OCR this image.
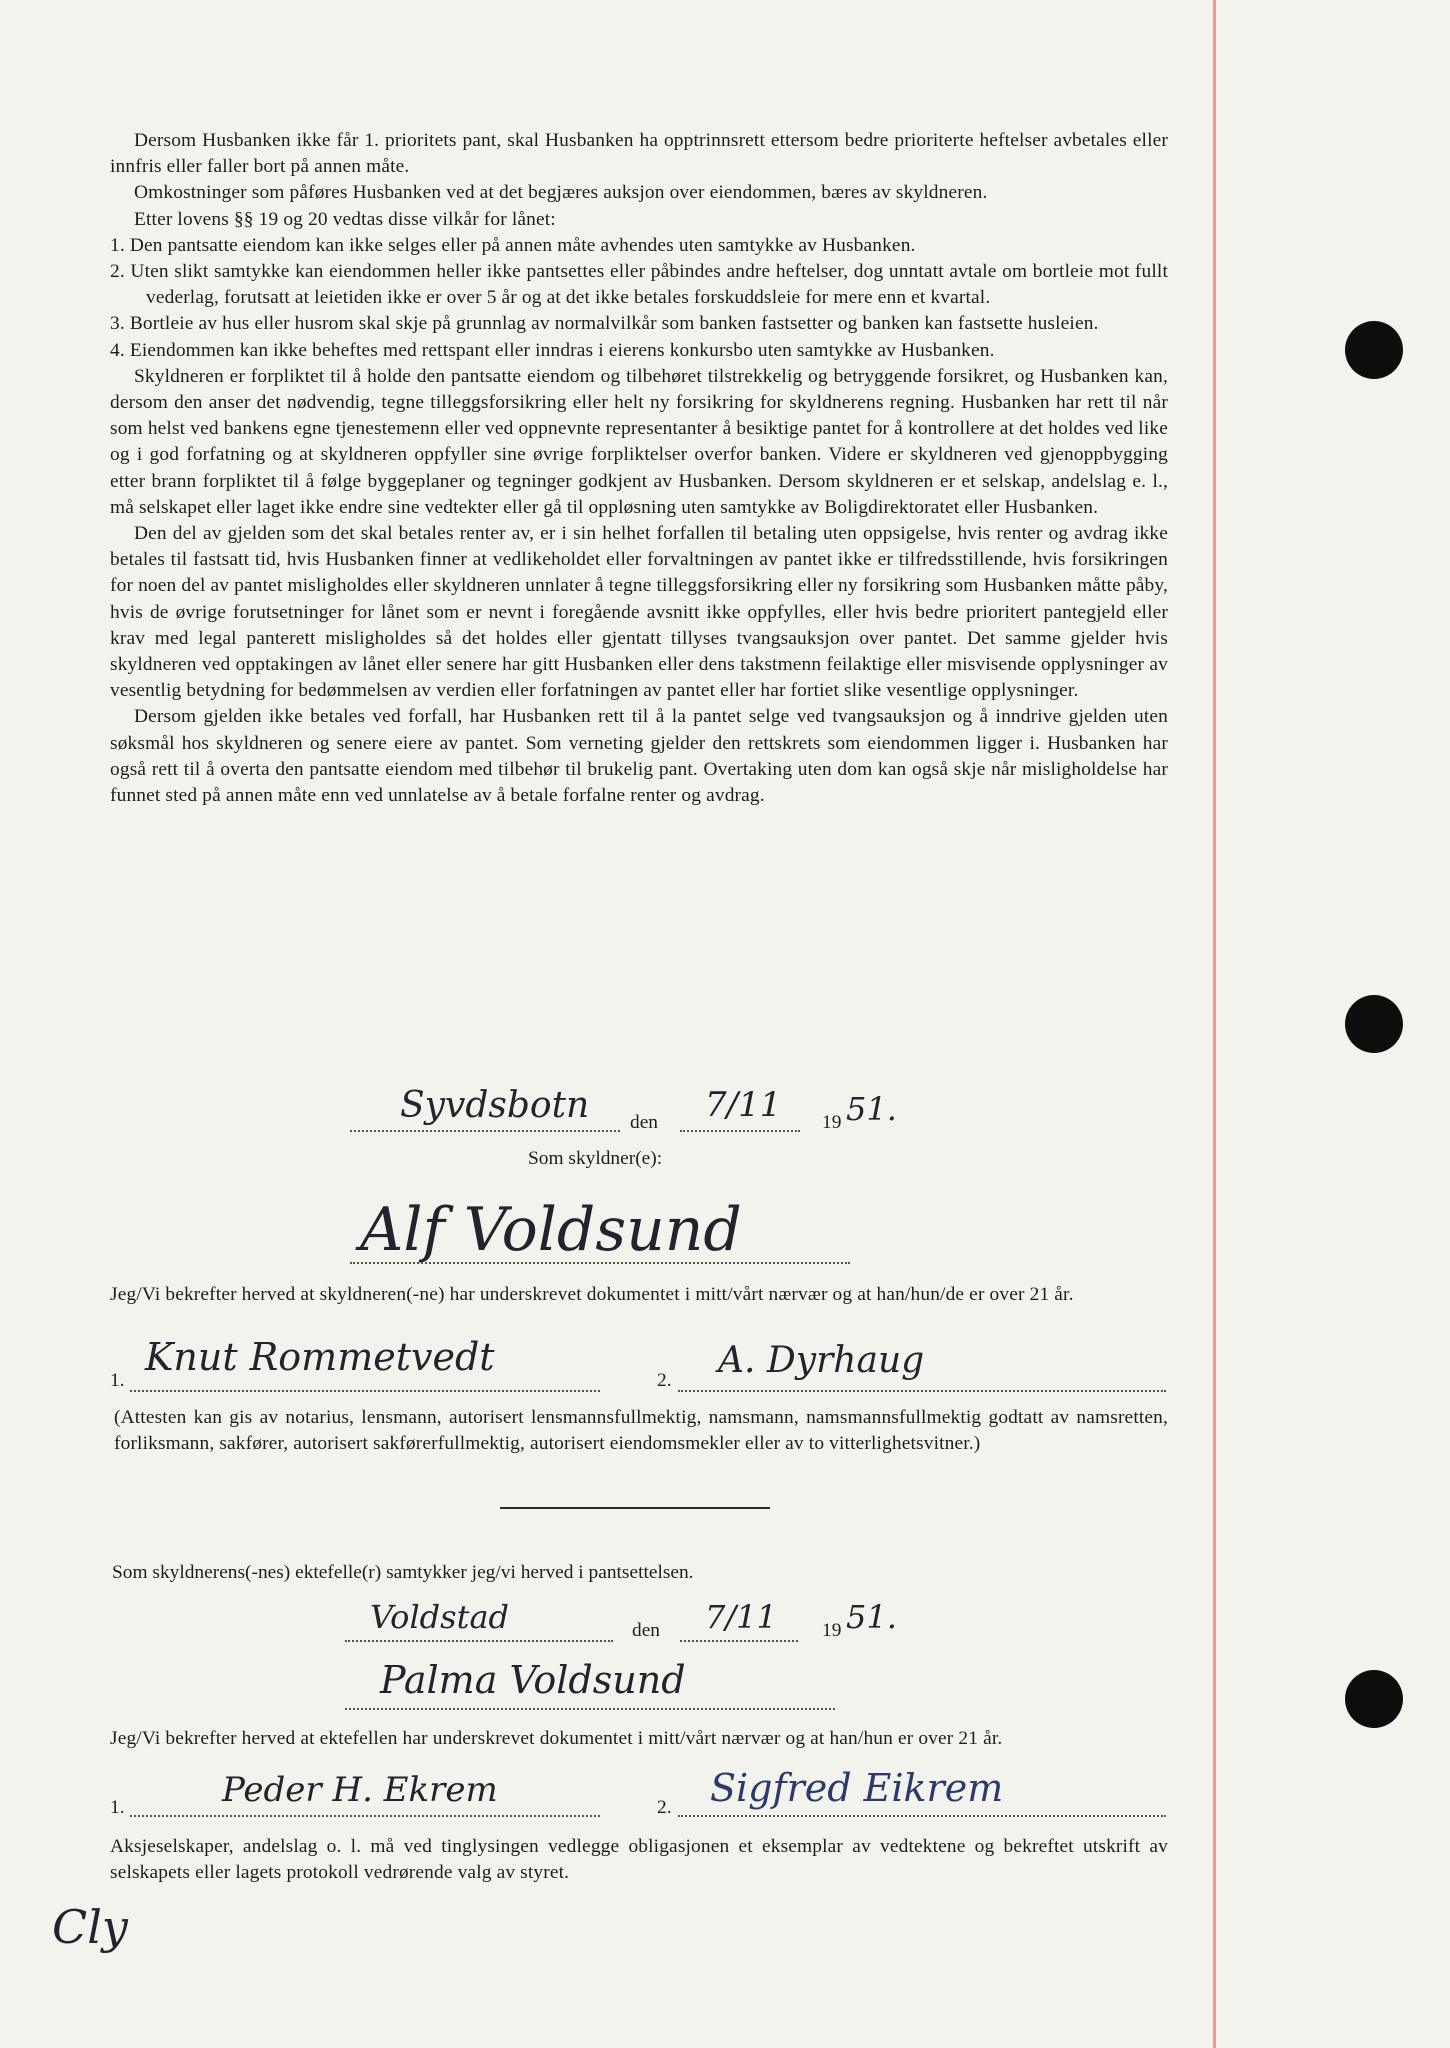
Dersom Husbanken ikke får 1. prioritets pant, skal Husbanken ha opptrinnsrett ettersom bedre prioriterte heftelser avbetales eller innfris eller faller bort på annen måte.

Omkostninger som påføres Husbanken ved at det begjæres auksjon over eiendommen, bæres av skyldneren.

Etter lovens §§ 19 og 20 vedtas disse vilkår for lånet:

1. Den pantsatte eiendom kan ikke selges eller på annen måte avhendes uten samtykke av Husbanken.

2. Uten slikt samtykke kan eiendommen heller ikke pantsettes eller påbindes andre heftelser, dog unntatt avtale om bortleie mot fullt vederlag, forutsatt at leietiden ikke er over 5 år og at det ikke betales forskuddsleie for mere enn et kvartal.

3. Bortleie av hus eller husrom skal skje på grunnlag av normalvilkår som banken fastsetter og banken kan fastsette husleien.

4. Eiendommen kan ikke beheftes med rettspant eller inndras i eierens konkursbo uten samtykke av Husbanken.

Skyldneren er forpliktet til å holde den pantsatte eiendom og tilbehøret tilstrekkelig og betryggende forsikret, og Husbanken kan, dersom den anser det nødvendig, tegne tilleggsforsikring eller helt ny forsikring for skyldnerens regning. Husbanken har rett til når som helst ved bankens egne tjenestemenn eller ved oppnevnte representanter å besiktige pantet for å kontrollere at det holdes ved like og i god forfatning og at skyldneren oppfyller sine øvrige forpliktelser overfor banken. Videre er skyldneren ved gjenoppbygging etter brann forpliktet til å følge byggeplaner og tegninger godkjent av Husbanken. Dersom skyldneren er et selskap, andelslag e. l., må selskapet eller laget ikke endre sine vedtekter eller gå til oppløsning uten samtykke av Boligdirektoratet eller Husbanken.

Den del av gjelden som det skal betales renter av, er i sin helhet forfallen til betaling uten oppsigelse, hvis renter og avdrag ikke betales til fastsatt tid, hvis Husbanken finner at vedlikeholdet eller forvaltningen av pantet ikke er tilfredsstillende, hvis forsikringen for noen del av pantet misligholdes eller skyldneren unnlater å tegne tilleggsforsikring eller ny forsikring som Husbanken måtte påby, hvis de øvrige forutsetninger for lånet som er nevnt i foregående avsnitt ikke oppfylles, eller hvis bedre prioritert pantegjeld eller krav med legal panterett misligholdes så det holdes eller gjentatt tillyses tvangsauksjon over pantet. Det samme gjelder hvis skyldneren ved opptakingen av lånet eller senere har gitt Husbanken eller dens takstmenn feilaktige eller misvisende opplysninger av vesentlig betydning for bedømmelsen av verdien eller forfatningen av pantet eller har fortiet slike vesentlige opplysninger.

Dersom gjelden ikke betales ved forfall, har Husbanken rett til å la pantet selge ved tvangsauksjon og å inndrive gjelden uten søksmål hos skyldneren og senere eiere av pantet. Som verneting gjelder den rettskrets som eiendommen ligger i. Husbanken har også rett til å overta den pantsatte eiendom med tilbehør til brukelig pant. Overtaking uten dom kan også skje når misligholdelse har funnet sted på annen måte enn ved unnlatelse av å betale forfalne renter og avdrag.

Syvdsbotn den 7/11 19 51.
Som skyldner(e):
Alf Voldsund
Jeg/Vi bekrefter herved at skyldneren(-ne) har underskrevet dokumentet i mitt/vårt nærvær og at han/hun/de er over 21 år.
1.
Knut Rommetvedt
2. A. Dyrhaug
(Attesten kan gis av notarius, lensmann, autorisert lensmannsfullmektig, namsmann, namsmannsfullmektig godtatt av namsretten, forliksmann, sakfører, autorisert sakførerfullmektig, autorisert eiendomsmekler eller av to vitterlighetsvitner.)
Som skyldnerens(-nes) ektefelle(r) samtykker jeg/vi herved i pantsettelsen.
Voldstad	den 7/11 19 51.
Palma Voldsund
Jeg/Vi bekrefter herved at ektefellen har underskrevet dokumentet i mitt/vårt nærvær og at han/hun er over 21 år.
1.	Peder H. Ekrem	2. Sigfred Eikrem
Aksjeselskaper, andelslag o. l. må ved tinglysingen vedlegge obligasjonen et eksemplar av vedtektene og bekreftet utskrift av selskapets eller lagets protokoll vedrørende valg av styret.
Cly
